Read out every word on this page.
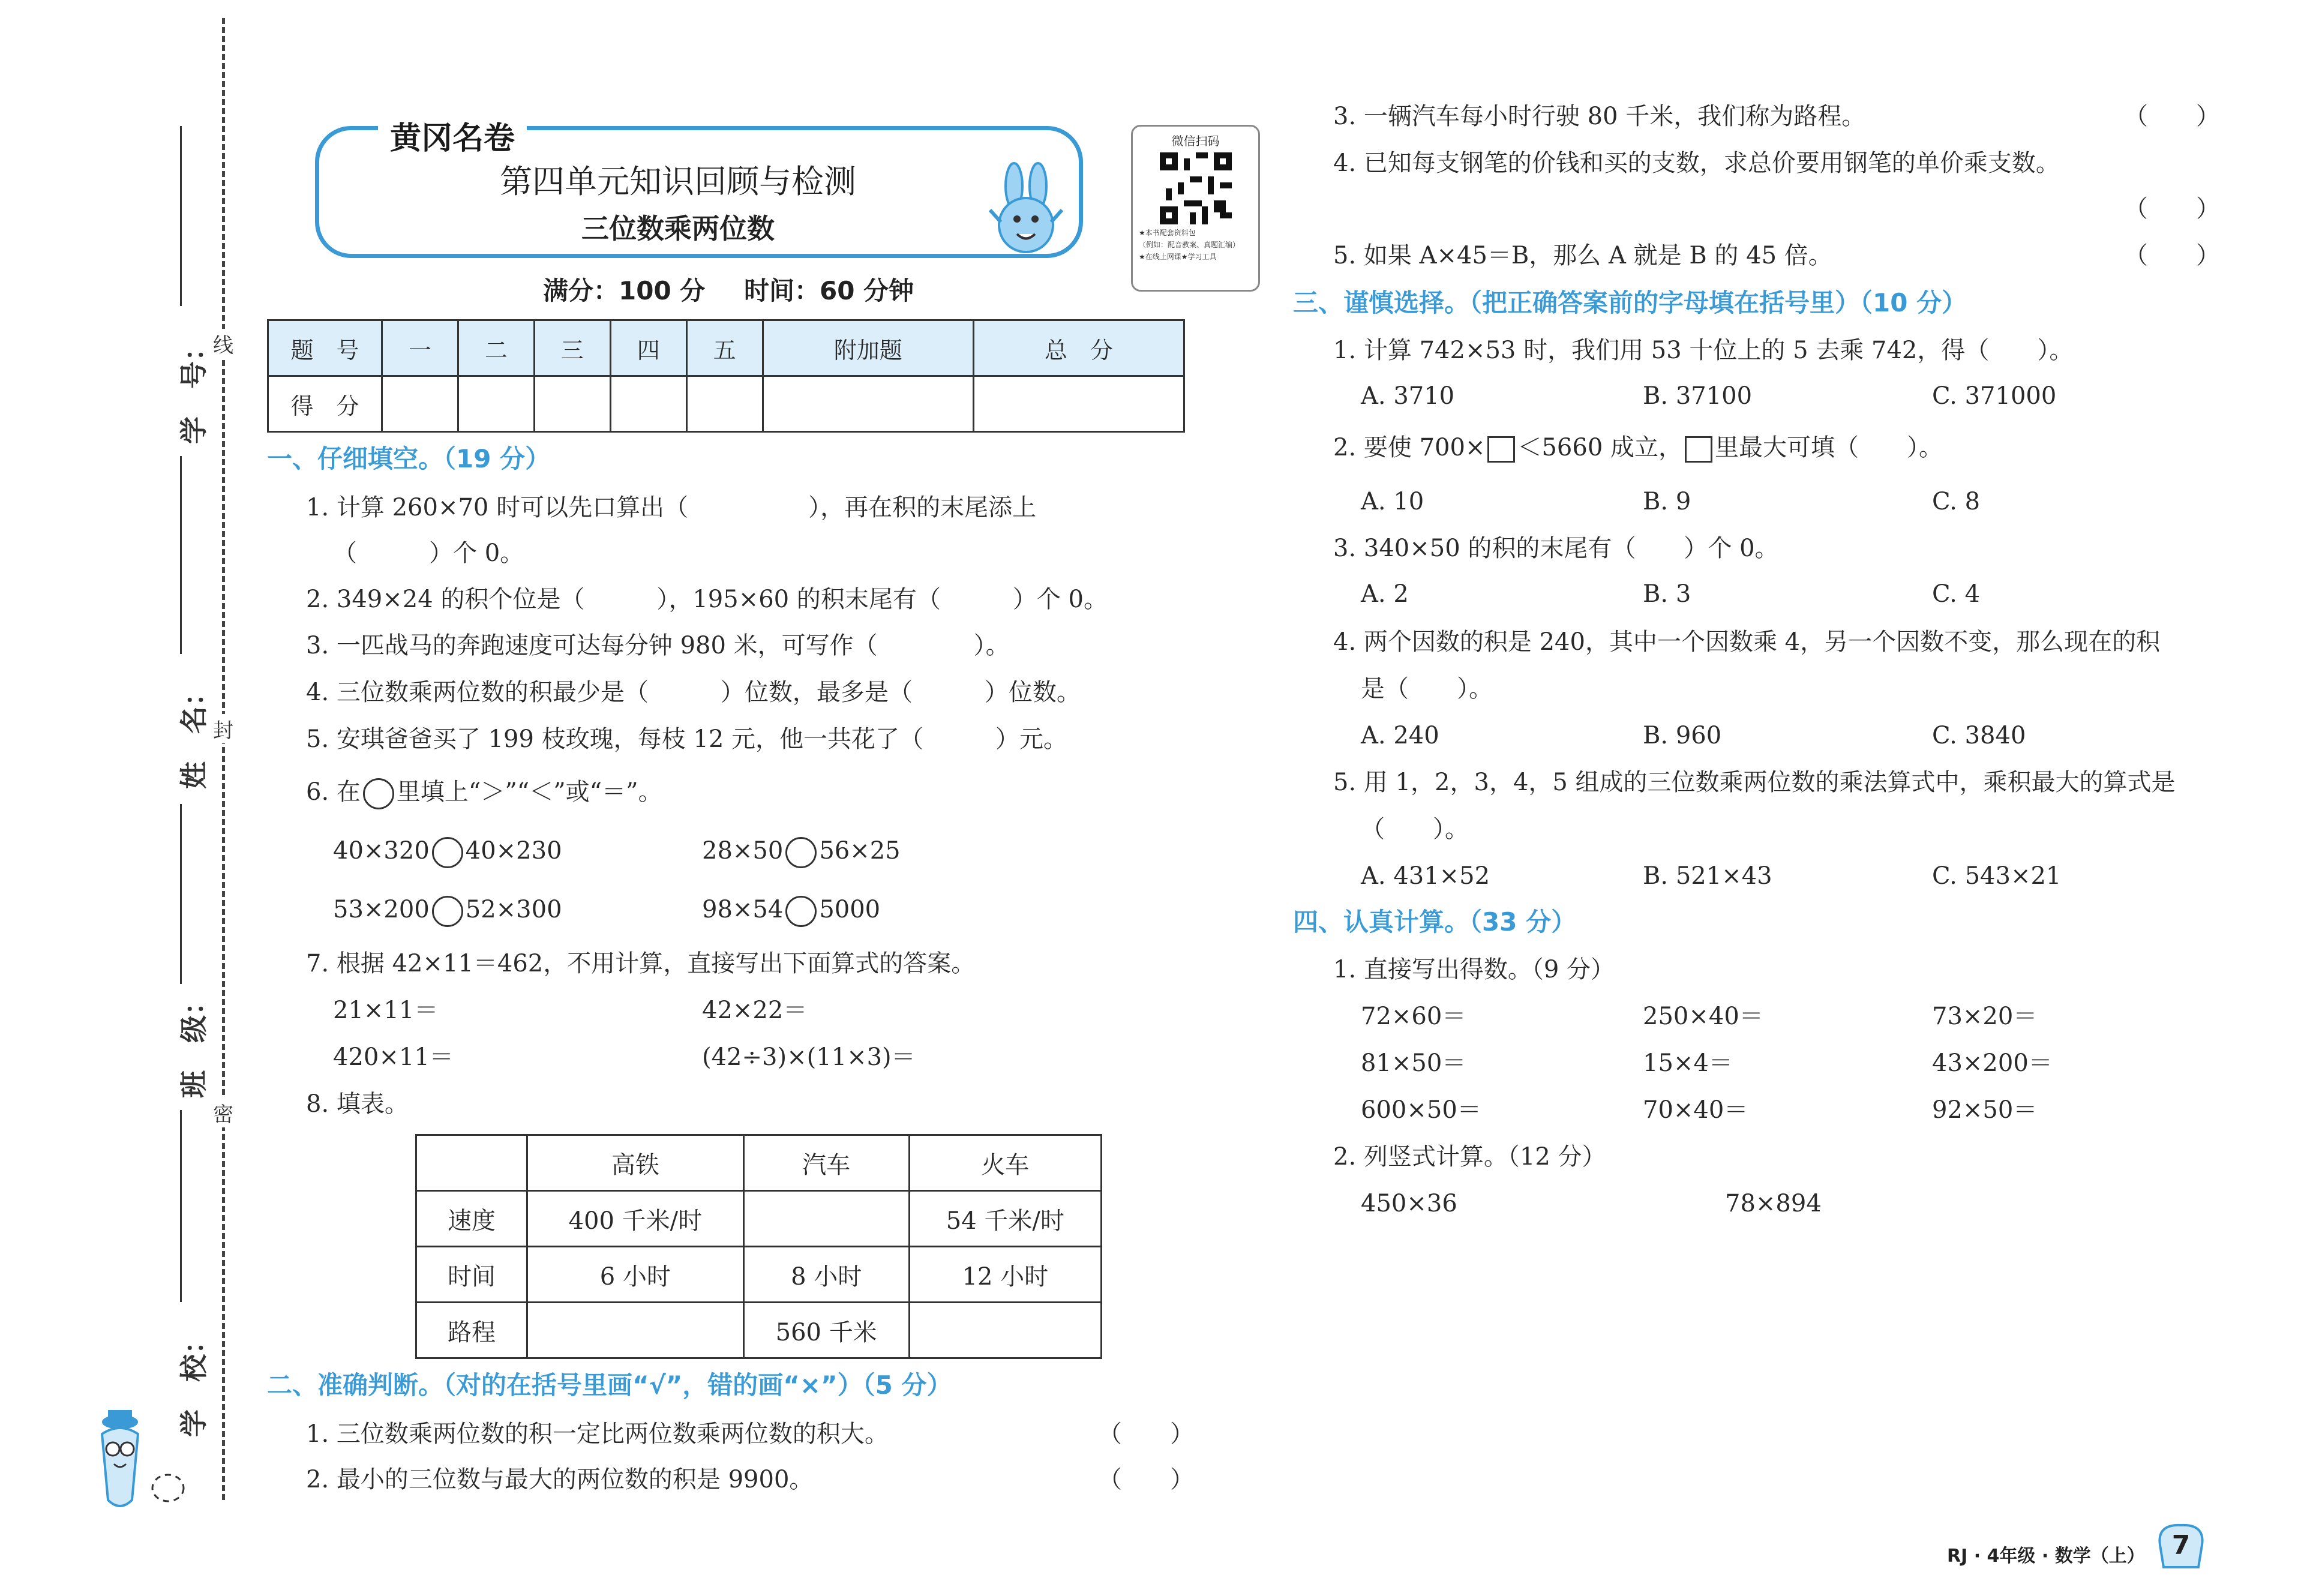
线
封
密
学　号：
姓　名：
班　级：
学　校：
黄冈名卷
第四单元知识回顾与检测
三位数乘两位数
微信扫码
★本书配套资料包
（例如：配音教案、真题汇编）
★在线上网课★学习工具
满分：100 分 时间：60 分钟
题　号	一	二	三	四	五	附加题	总　分
得　分							
一、仔细填空。（19 分）
1. 计算 260×70 时可以先口算出（　　　　　），再在积的末尾添上
（　　　）个 0。
2. 349×24 的积个位是（　　　），195×60 的积末尾有（　　　）个 0。
3. 一匹战马的奔跑速度可达每分钟 980 米，可写作（　　　　）。
4. 三位数乘两位数的积最少是（　　　）位数，最多是（　　　）位数。
5. 安琪爸爸买了 199 枝玫瑰，每枝 12 元，他一共花了（　　　）元。
6. 在 里填上“＞”“＜”或“＝”。
40×320 40×230	28×50 56×25
53×200 52×300	98×54 5000
7. 根据 42×11＝462，不用计算，直接写出下面算式的答案。
21×11＝	42×22＝
420×11＝	(42÷3)×(11×3)＝
8. 填表。
	高铁	汽车	火车
速度	400 千米/时		54 千米/时
时间	6 小时	8 小时	12 小时
路程		560 千米	
二、准确判断。（对的在括号里画“√”，错的画“×”）（5 分）
1. 三位数乘两位数的积一定比两位数乘两位数的积大。	（　　）
2. 最小的三位数与最大的两位数的积是 9900。	（　　）
3. 一辆汽车每小时行驶 80 千米，我们称为路程。	（　　）
4. 已知每支钢笔的价钱和买的支数，求总价要用钢笔的单价乘支数。
（　　）
5. 如果 A×45＝B，那么 A 就是 B 的 45 倍。	（　　）
三、谨慎选择。（把正确答案前的字母填在括号里）（10 分）
1. 计算 742×53 时，我们用 53 十位上的 5 去乘 742，得（　　）。
A. 3710	B. 37100	C. 371000
2. 要使 700× ＜5660 成立， 里最大可填（　　）。
A. 10	B. 9	C. 8
3. 340×50 的积的末尾有（　　）个 0。
A. 2	B. 3	C. 4
4. 两个因数的积是 240，其中一个因数乘 4，另一个因数不变，那么现在的积
是（　　）。
A. 240	B. 960	C. 3840
5. 用 1，2，3，4，5 组成的三位数乘两位数的乘法算式中，乘积最大的算式是
（　　）。
A. 431×52	B. 521×43	C. 543×21
四、认真计算。（33 分）
1. 直接写出得数。（9 分）
72×60＝	250×40＝	73×20＝
81×50＝	15×4＝	43×200＝
600×50＝	70×40＝	92×50＝
2. 列竖式计算。（12 分）
450×36	78×894
RJ · 4年级 · 数学（上）	7
